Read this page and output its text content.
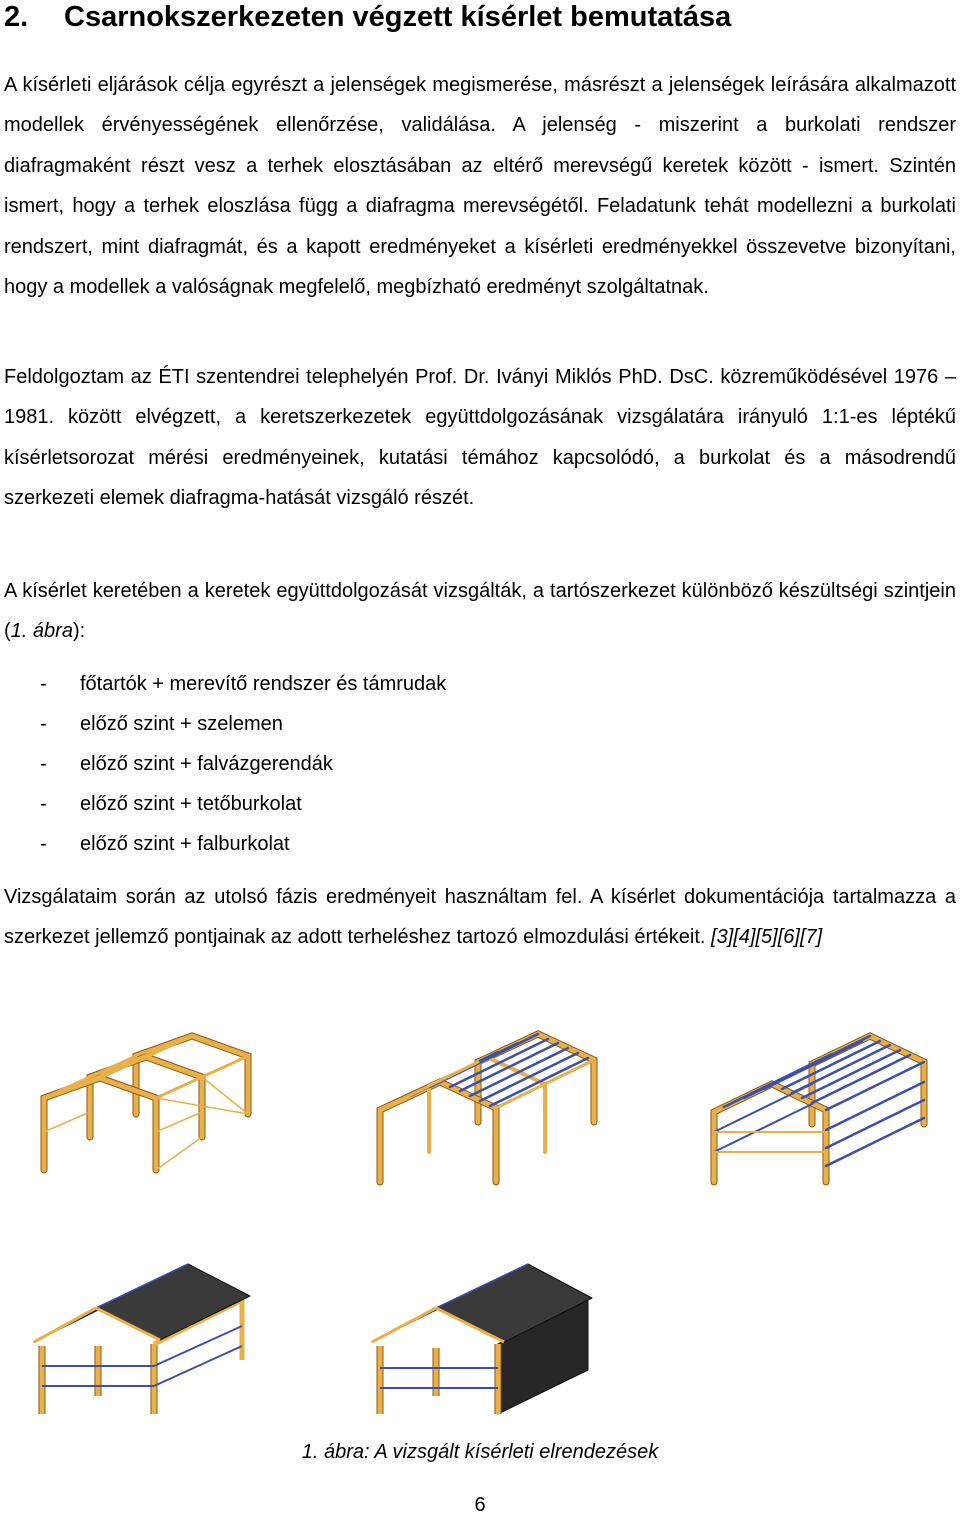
2. Csarnokszerkezeten végzett kísérlet bemutatása

A kísérleti eljárások célja egyrészt a jelenségek megismerése, másrészt a jelenségek leírására alkalmazott modellek érvényességének ellenőrzése, validálása. A jelenség - miszerint a burkolati rendszer diafragmaként részt vesz a terhek elosztásában az eltérő merevségű keretek között - ismert. Szintén ismert, hogy a terhek eloszlása függ a diafragma merevségétől. Feladatunk tehát modellezni a burkolati rendszert, mint diafragmát, és a kapott eredményeket a kísérleti eredményekkel összevetve bizonyítani, hogy a modellek a valóságnak megfelelő, megbízható eredményt szolgáltatnak.

Feldolgoztam az ÉTI szentendrei telephelyén Prof. Dr. Iványi Miklós PhD. DsC. közreműködésével 1976 – 1981. között elvégzett, a keretszerkezetek együttdolgozásának vizsgálatára irányuló 1:1-es léptékű kísérletsorozat mérési eredményeinek, kutatási témához kapcsolódó, a burkolat és a másodrendű szerkezeti elemek diafragma-hatását vizsgáló részét.

A kísérlet keretében a keretek együttdolgozását vizsgálták, a tartószerkezet különböző készültségi szintjein (1. ábra):

- főtartók + merevítő rendszer és támrudak
- előző szint + szelemen
- előző szint + falvázgerendák
- előző szint + tetőburkolat
- előző szint + falburkolat

Vizsgálataim során az utolsó fázis eredményeit használtam fel. A kísérlet dokumentációja tartalmazza a szerkezet jellemző pontjainak az adott terheléshez tartozó elmozdulási értékeit. [3][4][5][6][7]

1. ábra: A vizsgált kísérleti elrendezések

6
